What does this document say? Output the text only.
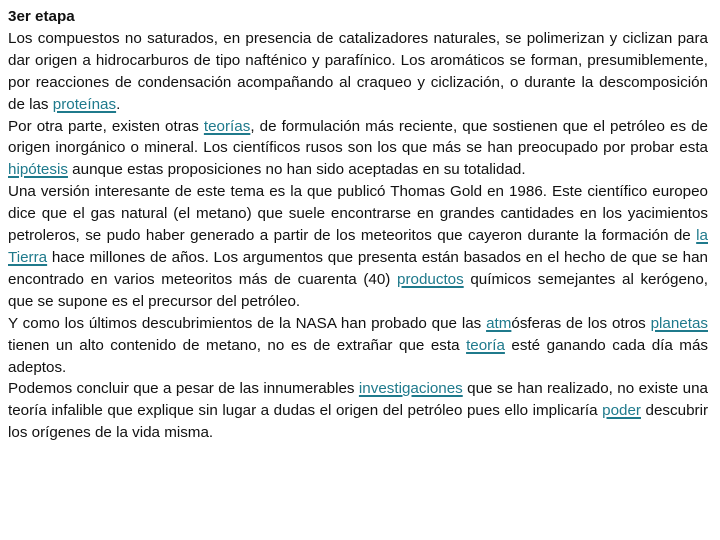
3er etapa
Los compuestos no saturados, en presencia de catalizadores naturales, se polimerizan y ciclizan para dar origen a hidrocarburos de tipo nafténico y parafínico. Los aromáticos se forman, presumiblemente, por reacciones de condensación acompañando al craqueo y ciclización, o durante la descomposición de las proteínas.
Por otra parte, existen otras teorías, de formulación más reciente, que sostienen que el petróleo es de origen inorgánico o mineral. Los científicos rusos son los que más se han preocupado por probar esta hipótesis aunque estas proposiciones no han sido aceptadas en su totalidad.
Una versión interesante de este tema es la que publicó Thomas Gold en 1986. Este científico europeo dice que el gas natural (el metano) que suele encontrarse en grandes cantidades en los yacimientos petroleros, se pudo haber generado a partir de los meteoritos que cayeron durante la formación de la Tierra hace millones de años. Los argumentos que presenta están basados en el hecho de que se han encontrado en varios meteoritos más de cuarenta (40) productos químicos semejantes al kerógeno, que se supone es el precursor del petróleo.
Y como los últimos descubrimientos de la NASA han probado que las atmósferas de los otros planetas tienen un alto contenido de metano, no es de extrañar que esta teoría esté ganando cada día más adeptos.
Podemos concluir que a pesar de las innumerables investigaciones que se han realizado, no existe una teoría infalible que explique sin lugar a dudas el origen del petróleo pues ello implicaría poder descubrir los orígenes de la vida misma.
